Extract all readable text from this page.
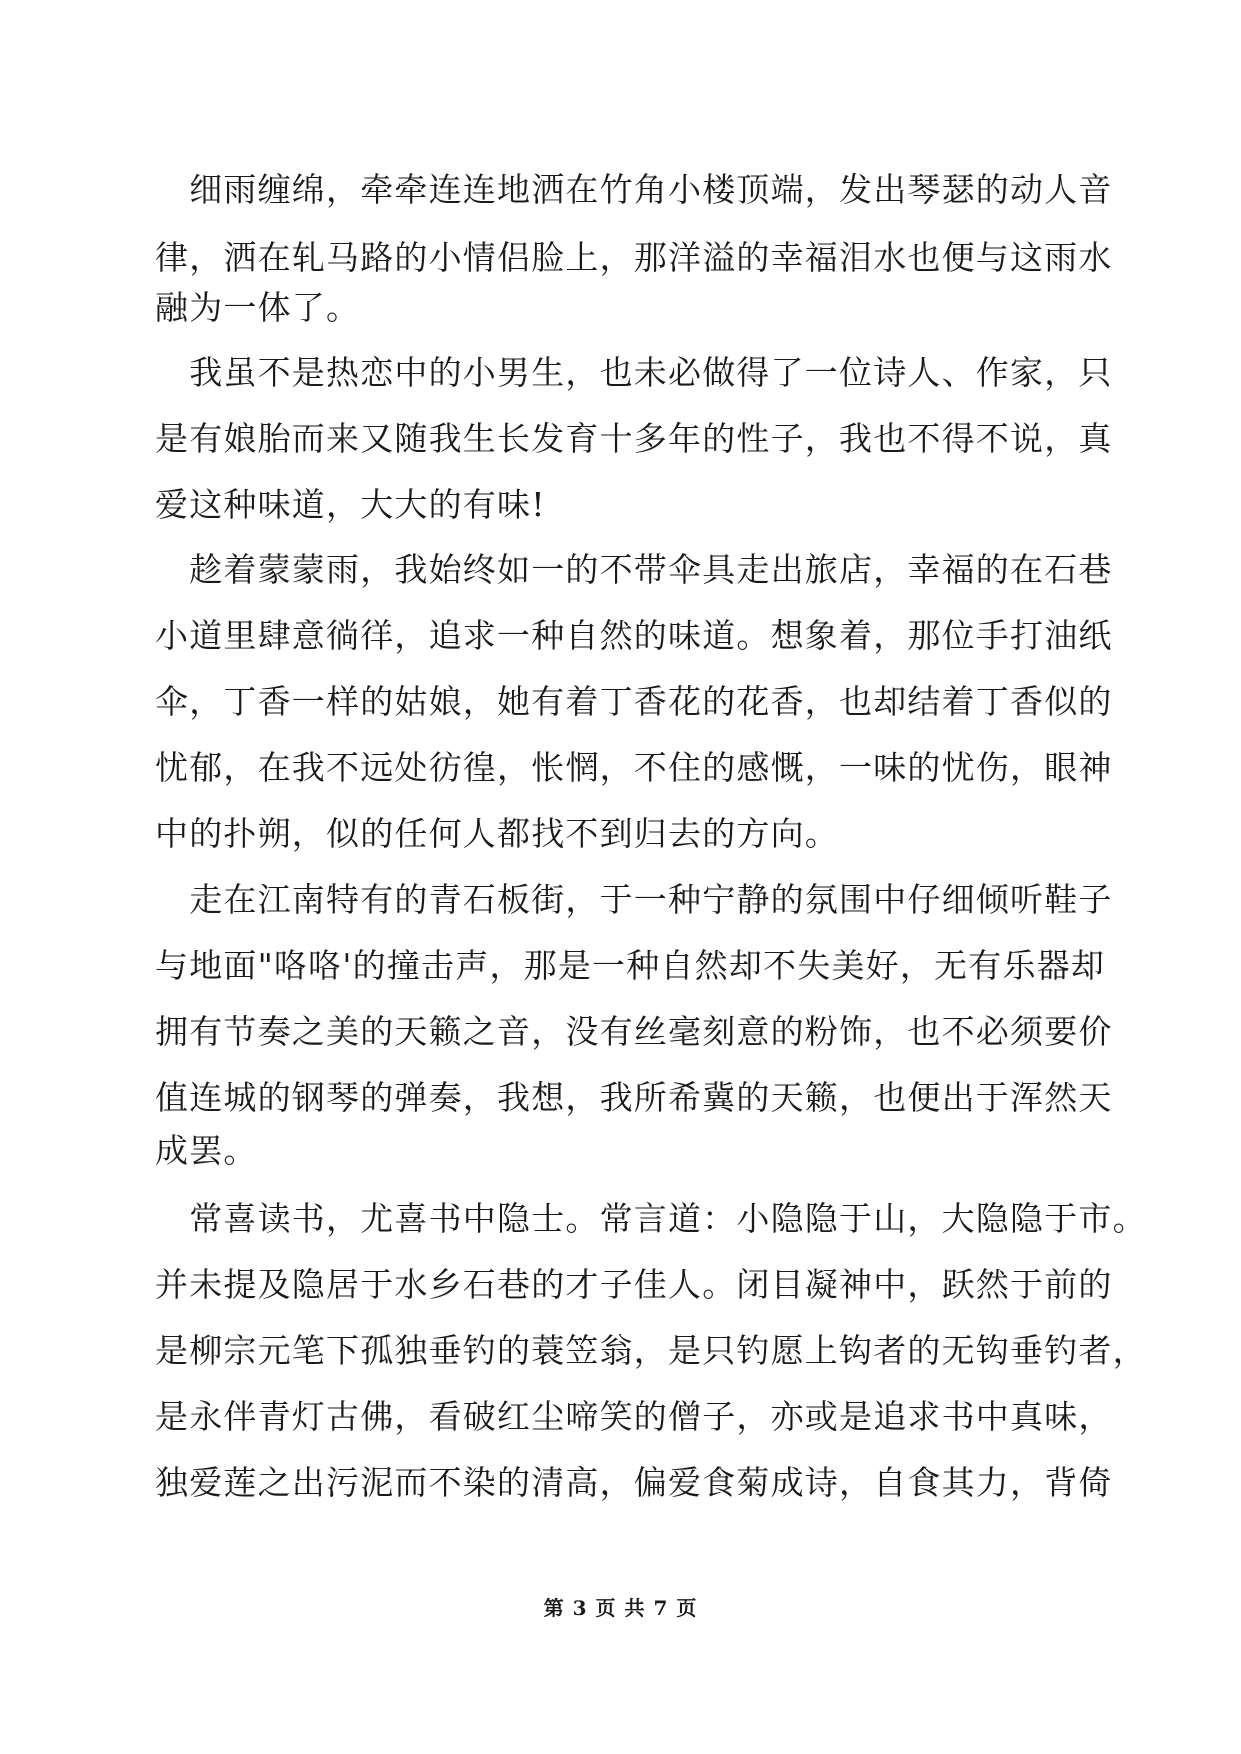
　细雨缠绵，牵牵连连地洒在竹角小楼顶端，发出琴瑟的动人音
律，洒在轧马路的小情侣脸上，那洋溢的幸福泪水也便与这雨水
融为一体了。
　我虽不是热恋中的小男生，也未必做得了一位诗人、作家，只
是有娘胎而来又随我生长发育十多年的性子，我也不得不说，真
爱这种味道，大大的有味!
　趁着蒙蒙雨，我始终如一的不带伞具走出旅店，幸福的在石巷
小道里肆意徜徉，追求一种自然的味道。想象着，那位手打油纸
伞，丁香一样的姑娘，她有着丁香花的花香，也却结着丁香似的
忧郁，在我不远处彷徨，怅惘，不住的感慨，一味的忧伤，眼神
中的扑朔，似的任何人都找不到归去的方向。
　走在江南特有的青石板街，于一种宁静的氛围中仔细倾听鞋子
与地面"咯咯'的撞击声，那是一种自然却不失美好，无有乐器却
拥有节奏之美的天籁之音，没有丝毫刻意的粉饰，也不必须要价
值连城的钢琴的弹奏，我想，我所希冀的天籁，也便出于浑然天
成罢。
　常喜读书，尤喜书中隐士。常言道：小隐隐于山，大隐隐于市。
并未提及隐居于水乡石巷的才子佳人。闭目凝神中，跃然于前的
是柳宗元笔下孤独垂钓的蓑笠翁，是只钓愿上钩者的无钩垂钓者，
是永伴青灯古佛，看破红尘啼笑的僧子，亦或是追求书中真味，
独爱莲之出污泥而不染的清高，偏爱食菊成诗，自食其力，背倚
第 3 页 共 7 页
